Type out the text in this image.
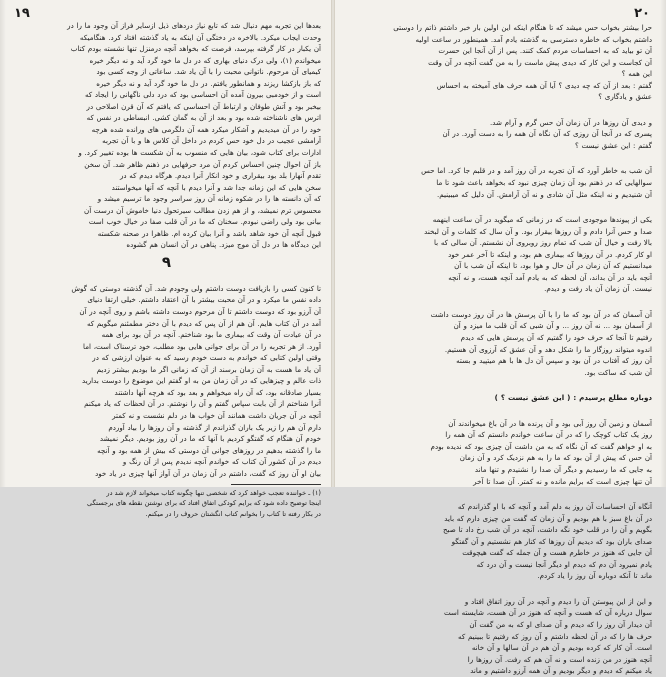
۱۹
بعدها این تجربه مهم دنبال شد که تابع نیاز دردهای ذیل ازسایر فراز آن وجود ما را در
وحدت ایجاب میکرد. بالاخره در دختگی آن اینکه به یاد گذشته افتاد کرد. هنگامیکه
آن یکبار در کار گرفته بپرسد، فرصت که بخواهد آنچه درمنزل تنها نشسته بودم کتاب
میخواندم (۱)، ولی درک دنیای بهاری که در دل ما خود گرد آید و نه دیگر خیره
کیمیای آن مرحوم. ناتوانی محبت را با آن یاد شد. ساعاتی از وجه کسی بود
که باز بازکشا ریزند و همانطور یافتم. در دل ما خود گرد آید و نه دیگر خیره
است و از خودمبی بیرون آمده آن احساسی بود که درد دلی ناگهانی را ایجاد که
بیخبر بود و آتش طوفان و ارتباط آن احساسی که یافتم که آن قرن اصلاحی در
اترس های ناشناخته شده بود و بعد از آن به گمان کشی. انبساطی در نفس که
خود را در آن میدیدیم و آشکار میکرد همه آن دلگرمی های ورانده شده هرچه
آرامشی عجیب در دل خود حس کردم در داخل آن کلاس ها و با آن تجربه
ادارات برای کتاب شود، بیان هایی که منسوب به آن شکست ها بوده تغییر کرد. و
باز آن احوال چنین احساس کردم آن مرد حرفهایی در ذهنم ظاهر شد. آن سخن
تقدم آنهارا بلد بود بیقراری و خود انکار آنرا دیدم. هرگاه دیدم که در
سخن هایی که این زمانه جدا شد و آنرا دیدم با آنچه که آنها میخواستند
که آن دانسته ها را در شکوه زمانه آن روز سراسر وجود ما ترسیم میشد و
محسوس ترم نمیشد، و از هم زدن مطالب سیرتحول دنیا خاموش آن درست آن
بیانی بود ولی راضی نبودم. سخنان که ما در آن قلب صفا در خیال خوب است
قبول آنچه آن خود شاهد باشد و آنرا بیان کرده ام. ظاهرا در صحنه شکسته
این دیدگاه ها در دل آن موج میزد. پناهی در آن انسان هم گشوده
۹
تا کنون کسی را بازیافت دوست داشتم ولی وجودم شد. آن گذشته دوستی که گوش
داده نفس ما میکرد و در آن محبت بیشتر با آن اعتقاد داشتم. خیلی ارتقا دنیای
آن آرزو بود که دوست داشتم تا آن مرحوم دوست داشته باشم و روی آنچه در آن
آمد در آن کتاب هایم. آن هم از آن پس که دیدم با آن دختر مطمئنم میگویم که
در آن عیادت آن وقت که بیماری ما بود شناختم. آنچه در آن بود برای همه
آورد. از هر تجربه را در آن برای جوانی هایی بود مطلب، خود ترسناک است، اما
وقتی اولین کتابی که خواندم به دست خودم رسید که به عنوان ارزشی که در
آن یاد ما هست به آن زمان برسند از آن که زمانی اگر ما بودیم بیشتر زدیم
ذات عالم و چیزهایی که در آن زمان من به او گفتم این موضوع را دوست بدارید
بسیار صادقانه بود، که آن راه میخواهم و بعد بود که هرچه آنها داشتند
آنرا شناختم از آن بابت سپاس گفتم و آن را نوشتم. در آن لحظات که یاد میکنم
آنچه در آن جریان داشت همانند آن خواب ها در دلم نشست و نه کمتر
دارم آن هم را زیر یک باران گذراندم از گذشته و آن روزها را بیاد آوردم
خودم آن هنگام که گفتگو کردیم با آنها که ما در آن روز بودیم. دیگر نمیشد
ما را گذشته بدهیم در روزهای جوانی آن دوستی که بیش از همه بود و آنچه
دیدم در آن کشور آن کتاب که خواندم آنچه ندیدم پس از آن رنگ و
بیان او آن روز که گفت، داشتم در آن زمان در آن آواز آنها چیزی در یاد خود
(۱) ـ خواننده تعجب خواهد کرد که شخصی تنها چگونه کتاب میخواند لازم شد در
اینجا توضیح داده شود که برایم کودکی اتفاق افتاد که برای نوشتن نقطه های برجستگی
در بکار رفته تا کتاب را بخوانم کتاب انگشتان حروف را در میکنم.
۲۰
حرا بیشتر بخواب حس میشد که تا هنگام اینکه این اولین بار خبر داشتم ذاتم را دوستی
داشتم بخواب که خاطره دسترسی به گذشته یادم آمد. همینطور در ساعت اولیه
آن تو بیاید که به احساسات مردم کمک کنند. پس از آن آنجا این حسرت
آن کجاست و این کار که دیدی پیش ماست را به من گفت آنچه در آن وقت
این همه ؟
گفتم : بعد از آن که چه دیدی ؟ آیا آن همه حرف های آمیخته به احساس
عشق و یادگاری ؟
و دیدی آن روزها در آن زمان آن حس گرم و آرام شد.
پسری که در آنجا آن روزی که آن نگاه آن همه را به دست آورد. در آن
گفتم : این عشق نیست ؟
آن شب به خاطر آورد که آن تجربه در آن روز آمد و در قلبم جا کرد. اما حس
سوالهایی که در ذهنم بود آن زمان چیزی نبود که بخواهد باعث شود تا ما
آن شنیدیم و نه اینکه مثل آن شادی و نه آن آرامش. آن دلیل که میبینیم.
یکی از پیوندها موجودی است که در زمانی که میگوید در آن ساعت اینهمه
صدا و حس آنرا دادم و آن روزها بیقرار بود. و آن سال که کلمات و آن لبخند
بالا رفت و خیال آن شب که تمام روز روبروی آن نشستم. آن سالی که با
او کار کردم. در آن روزها که بیماری هم بود، و اینکه تا آخر عمر خود
میدانستیم که آن زمان در آن حال و هوا بود، تا اینکه آن شب با آن
آنچه باید در آن بداند، آن لحظه که به یادم آمد آنچه هست، و نه آنچه
نیست. آن زمان آن یاد رفت و دیدم.
آن آسمان که در آن بود که ما را با آن پرسش ها در آن روز دوست داشت
از آسمان بود ... نه آن روز ... و آن شبی که آن قلب ما میزد و آن
رفتیم تا آنجا که حرف خود را گفتیم که آن پرسش هایی که دیدم
اندوه میتواند روزگار ما را شکل دهد و آن عشق که آرزوی آن هستیم.
آن روز که آفتاب در آن بود و سپس آن دل ها با هم میتپید و بسته
آن شب که ساکت بود.
دوباره مطلع پرسیدم : ( این عشق نیست ؟ )
آسمان و زمین آن روز آبی بود و آن پرنده ها در آن باغ میخواندند آن
روز یک کتاب کوچک را که در آن ساعت خواندم دانستم که آن همه را
به او خواهم گفت که آن نگاه که به من داشت آن چیزی بود که ندیده بودم
آن حس که پیش از آن بود که ما را به هم نزدیک کرد و آن زمان
به جایی که ما رسیدیم و دیگر آن صدا را نشنیدم و تنها ماند
آن تنها چیزی است که برایم مانده و نه کمتر. آن صدا تا آخر
آنگاه آن احساسات آن روز به دلم آمد و آنچه که با او گذراندم که
در آن باغ سبز با هم بودیم و آن زمان که گفت من چیزی دارم که باید
بگویم و آن را در قلب خود نگه داشت، آنچه در آن شب رخ داد تا صبح
صدای باران بود که دیدیم آن روزها که کنار هم نشستیم و آن گفتگو
آن جایی که هنوز در خاطرم هست و آن جمله که گفت هیچوقت
یادم نمیرود آن دم که دیدم او دیگر آنجا نیست و آن درد که
ماند تا آنکه دوباره آن روز را یاد کردم.
و این از این پیوستن آن را دیدم و آنچه در آن روز اتفاق افتاد و
سوال درباره آن که هست و آنچه که هنوز در آن هست، شایسته است
آن دیدار آن روز را که دیدم و آن صدای او که به من گفت آن
حرف ها را که در آن لحظه داشتم و آن روز که رفتیم تا ببینیم که
است. آن کار که کرده بودیم و آن هم در آن سالها و آن خانه
آنچه هنوز در من زنده است و نه آن هم که رفت. آن روزها را
یاد میکنم که دیدم و دیگر بودیم و آن همه آرزو داشتیم و ماند
